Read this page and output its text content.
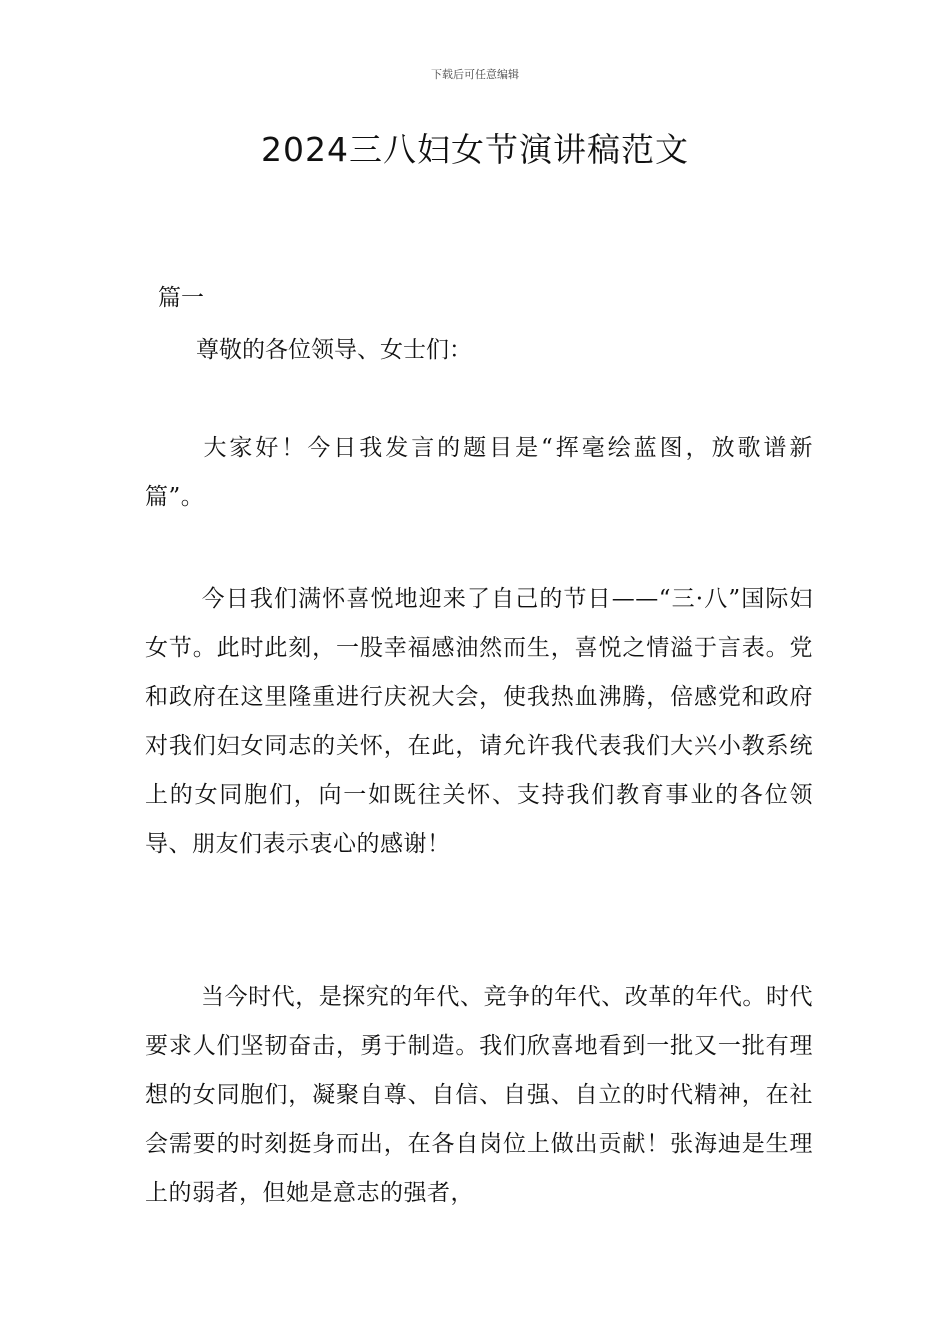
下载后可任意编辑
2024三八妇女节演讲稿范文
篇一
尊敬的各位领导、女士们：

大家好！今日我发言的题目是“挥毫绘蓝图，放歌谱新篇”。

今日我们满怀喜悦地迎来了自己的节日——“三·八”国际妇女节。此时此刻，一股幸福感油然而生，喜悦之情溢于言表。党和政府在这里隆重进行庆祝大会，使我热血沸腾，倍感党和政府对我们妇女同志的关怀，在此，请允许我代表我们大兴小教系统上的女同胞们，向一如既往关怀、支持我们教育事业的各位领导、朋友们表示衷心的感谢！

当今时代，是探究的年代、竞争的年代、改革的年代。时代要求人们坚韧奋击，勇于制造。我们欣喜地看到一批又一批有理想的女同胞们，凝聚自尊、自信、自强、自立的时代精神，在社会需要的时刻挺身而出，在各自岗位上做出贡献！张海迪是生理上的弱者，但她是意志的强者，
